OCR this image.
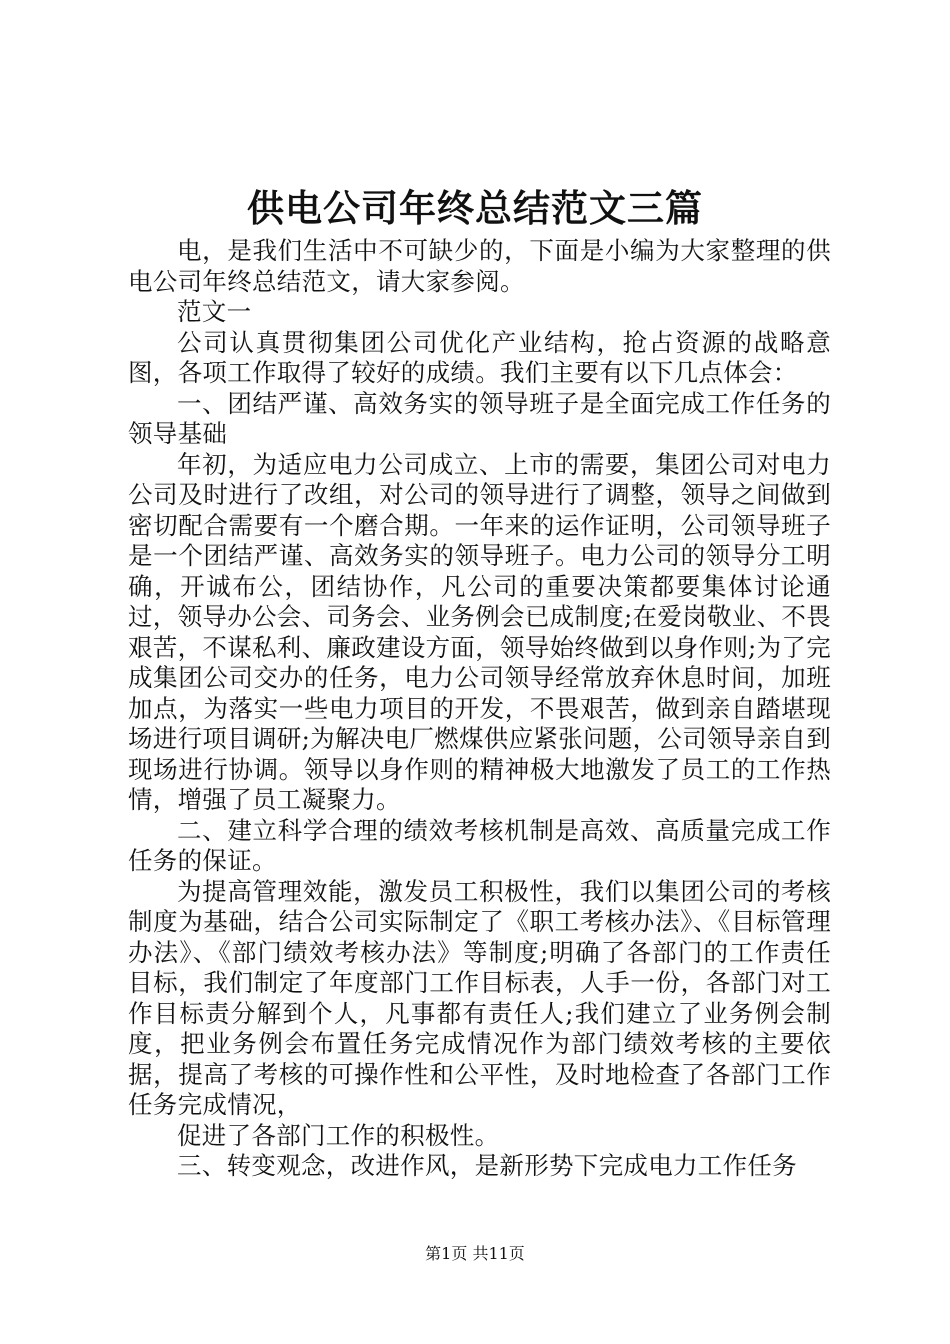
供电公司年终总结范文三篇

电，是我们生活中不可缺少的，下面是小编为大家整理的供电公司年终总结范文，请大家参阅。

范文一

公司认真贯彻集团公司优化产业结构，抢占资源的战略意图，各项工作取得了较好的成绩。我们主要有以下几点体会：

一、团结严谨、高效务实的领导班子是全面完成工作任务的领导基础

年初，为适应电力公司成立、上市的需要，集团公司对电力公司及时进行了改组，对公司的领导进行了调整，领导之间做到密切配合需要有一个磨合期。一年来的运作证明，公司领导班子是一个团结严谨、高效务实的领导班子。电力公司的领导分工明确，开诚布公，团结协作，凡公司的重要决策都要集体讨论通过，领导办公会、司务会、业务例会已成制度;在爱岗敬业、不畏艰苦，不谋私利、廉政建设方面，领导始终做到以身作则;为了完成集团公司交办的任务，电力公司领导经常放弃休息时间，加班加点，为落实一些电力项目的开发，不畏艰苦，做到亲自踏堪现场进行项目调研;为解决电厂燃煤供应紧张问题，公司领导亲自到现场进行协调。领导以身作则的精神极大地激发了员工的工作热情，增强了员工凝聚力。

二、建立科学合理的绩效考核机制是高效、高质量完成工作任务的保证。

为提高管理效能，激发员工积极性，我们以集团公司的考核制度为基础，结合公司实际制定了《职工考核办法》、《目标管理办法》、《部门绩效考核办法》等制度;明确了各部门的工作责任目标，我们制定了年度部门工作目标表，人手一份，各部门对工作目标责分解到个人，凡事都有责任人;我们建立了业务例会制度，把业务例会布置任务完成情况作为部门绩效考核的主要依据，提高了考核的可操作性和公平性，及时地检查了各部门工作任务完成情况，

促进了各部门工作的积极性。

三、转变观念，改进作风，是新形势下完成电力工作任务

第1页 共11页
